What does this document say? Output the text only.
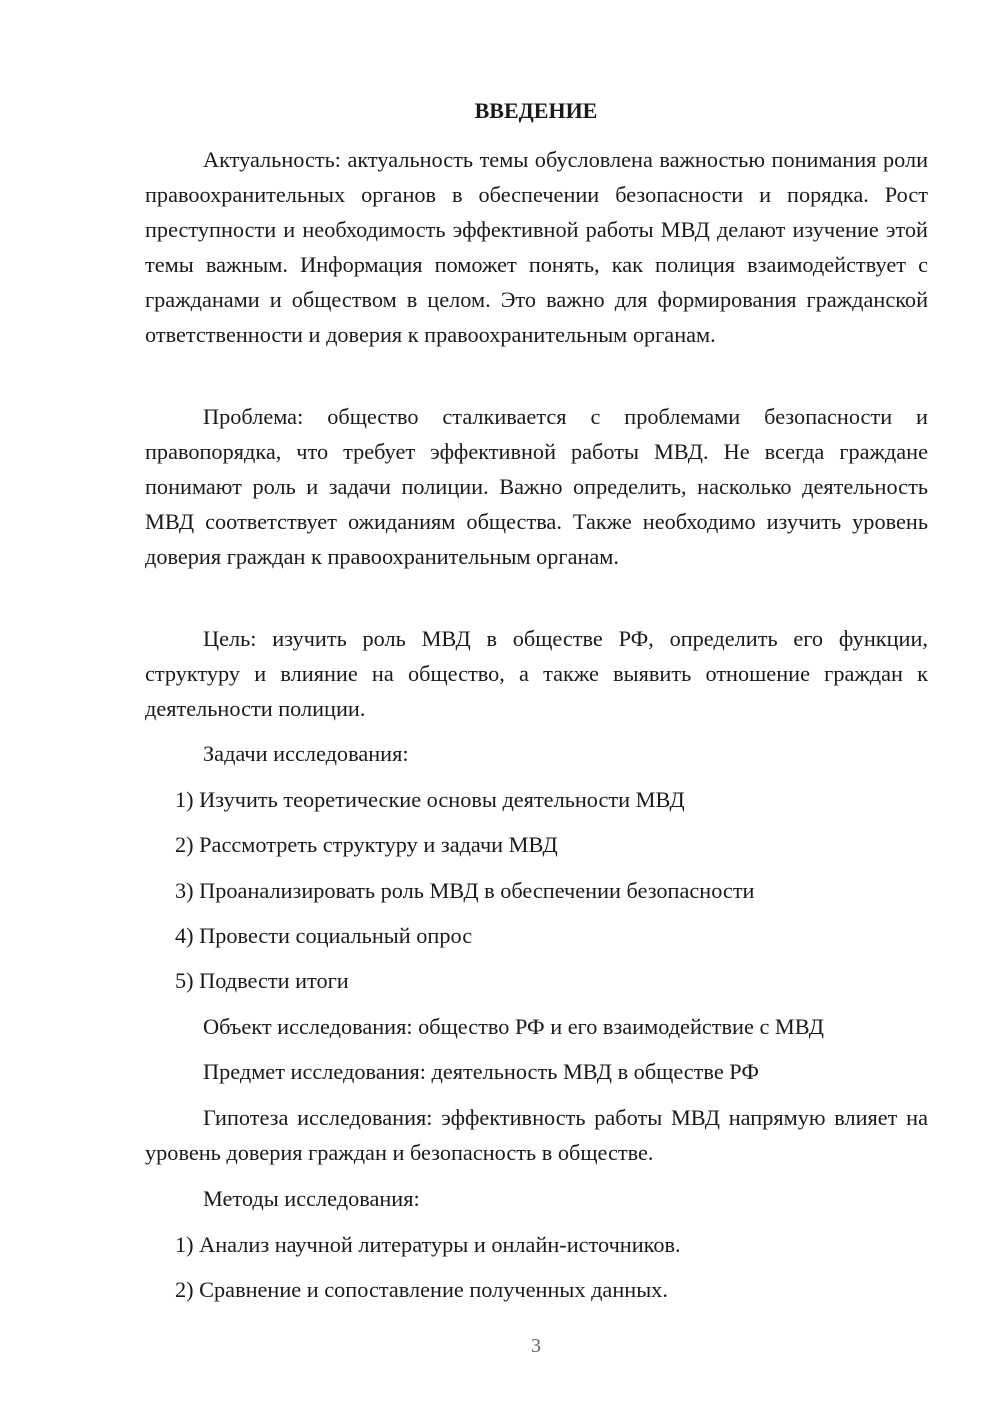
ВВЕДЕНИЕ

Актуальность: актуальность темы обусловлена важностью понимания роли правоохранительных органов в обеспечении безопасности и порядка. Рост преступности и необходимость эффективной работы МВД делают изучение этой темы важным. Информация поможет понять, как полиция взаимодействует с гражданами и обществом в целом. Это важно для формирования гражданской ответственности и доверия к правоохранительным органам.

Проблема: общество сталкивается с проблемами безопасности и правопорядка, что требует эффективной работы МВД. Не всегда граждане понимают роль и задачи полиции. Важно определить, насколько деятельность МВД соответствует ожиданиям общества. Также необходимо изучить уровень доверия граждан к правоохранительным органам.

Цель: изучить роль МВД в обществе РФ, определить его функции, структуру и влияние на общество, а также выявить отношение граждан к деятельности полиции.

Задачи исследования:

1) Изучить теоретические основы деятельности МВД

2) Рассмотреть структуру и задачи МВД

3) Проанализировать роль МВД в обеспечении безопасности

4) Провести социальный опрос

5) Подвести итоги

Объект исследования: общество РФ и его взаимодействие с МВД

Предмет исследования: деятельность МВД в обществе РФ

Гипотеза исследования: эффективность работы МВД напрямую влияет на уровень доверия граждан и безопасность в обществе.

Методы исследования:

1) Анализ научной литературы и онлайн-источников.

2) Сравнение и сопоставление полученных данных.

3
